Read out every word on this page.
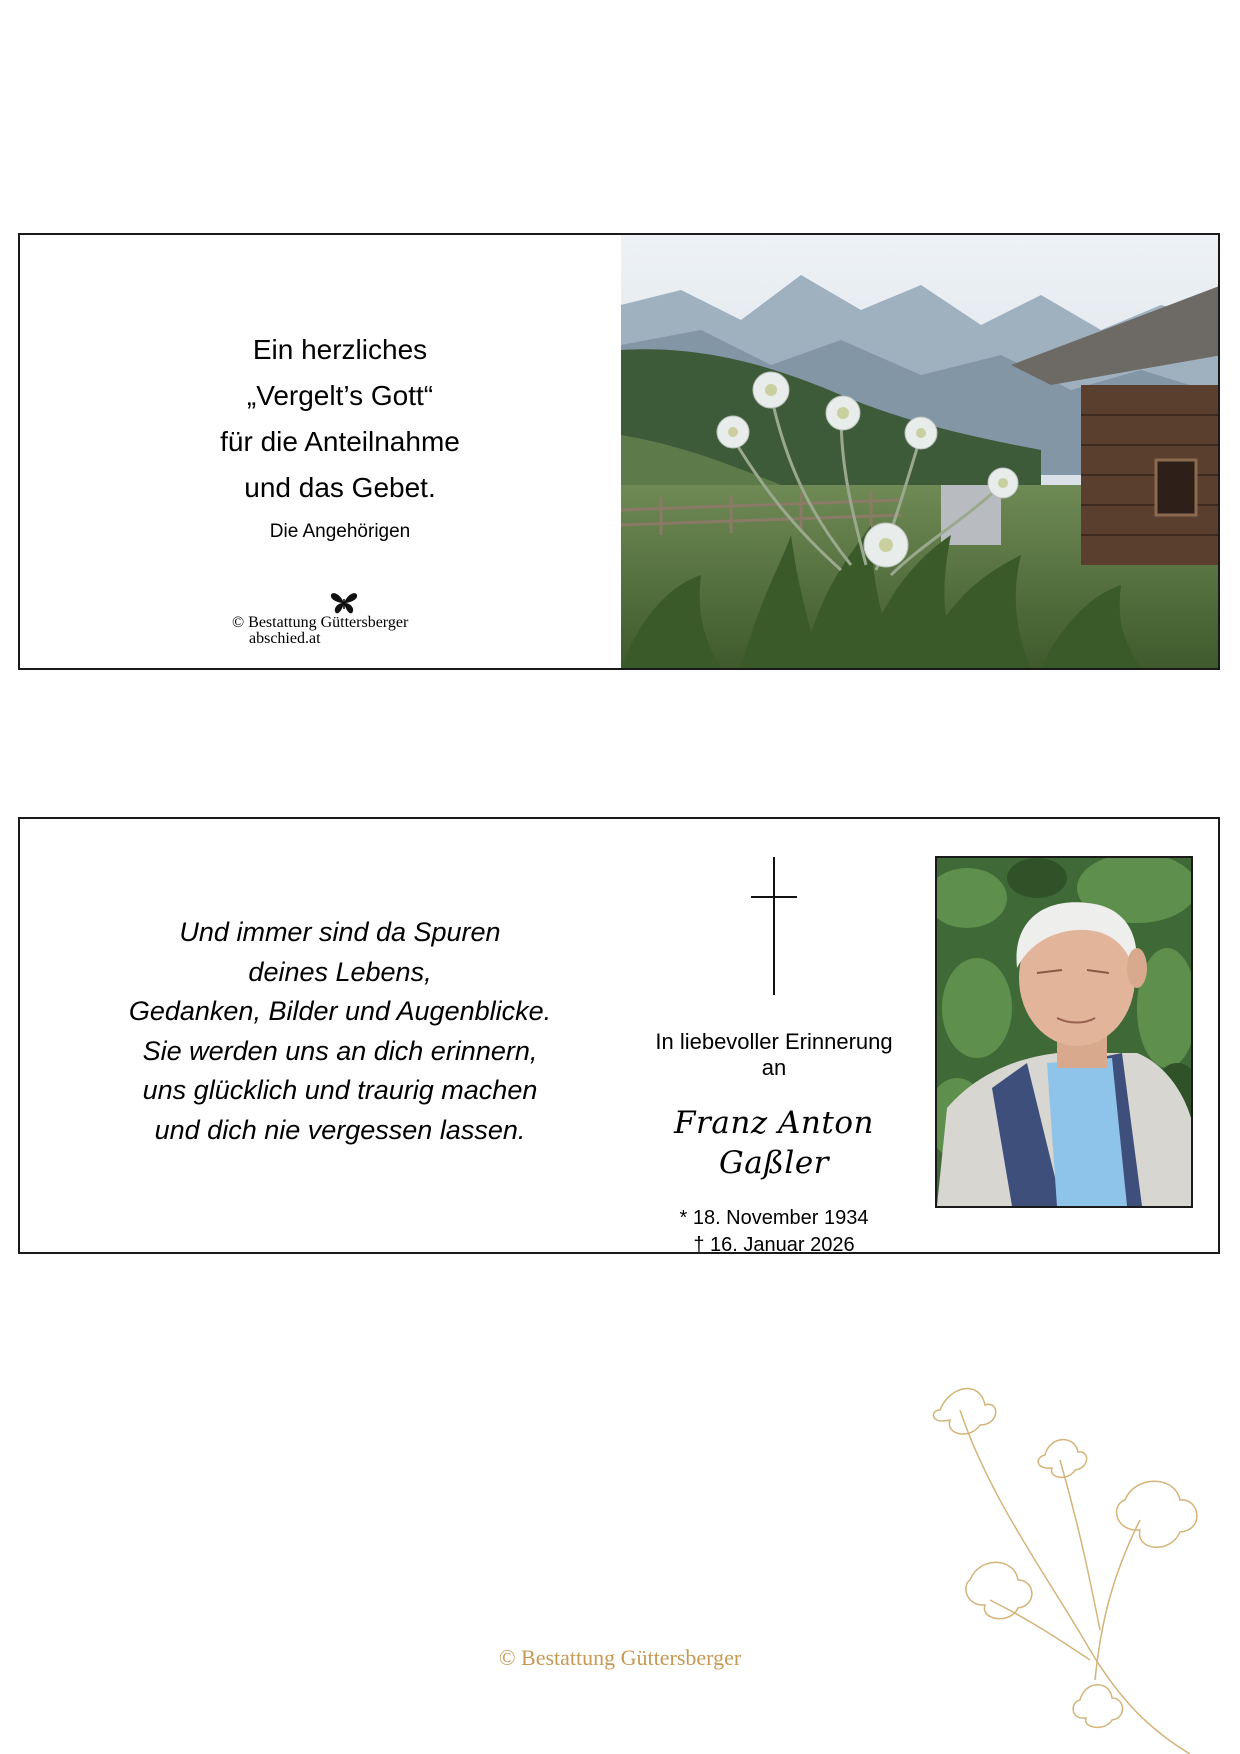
Ein herzliches
„Vergelt’s Gott“
für die Anteilnahme
und das Gebet.
Die Angehörigen
© Bestattung Güttersberger
abschied.at
Und immer sind da Spuren
deines Lebens,
Gedanken, Bilder und Augenblicke.
Sie werden uns an dich erinnern,
uns glücklich und traurig machen
und dich nie vergessen lassen.
In liebevoller Erinnerung
an
Franz Anton Gaßler
* 18. November 1934
† 16. Januar 2026
© Bestattung Güttersberger
